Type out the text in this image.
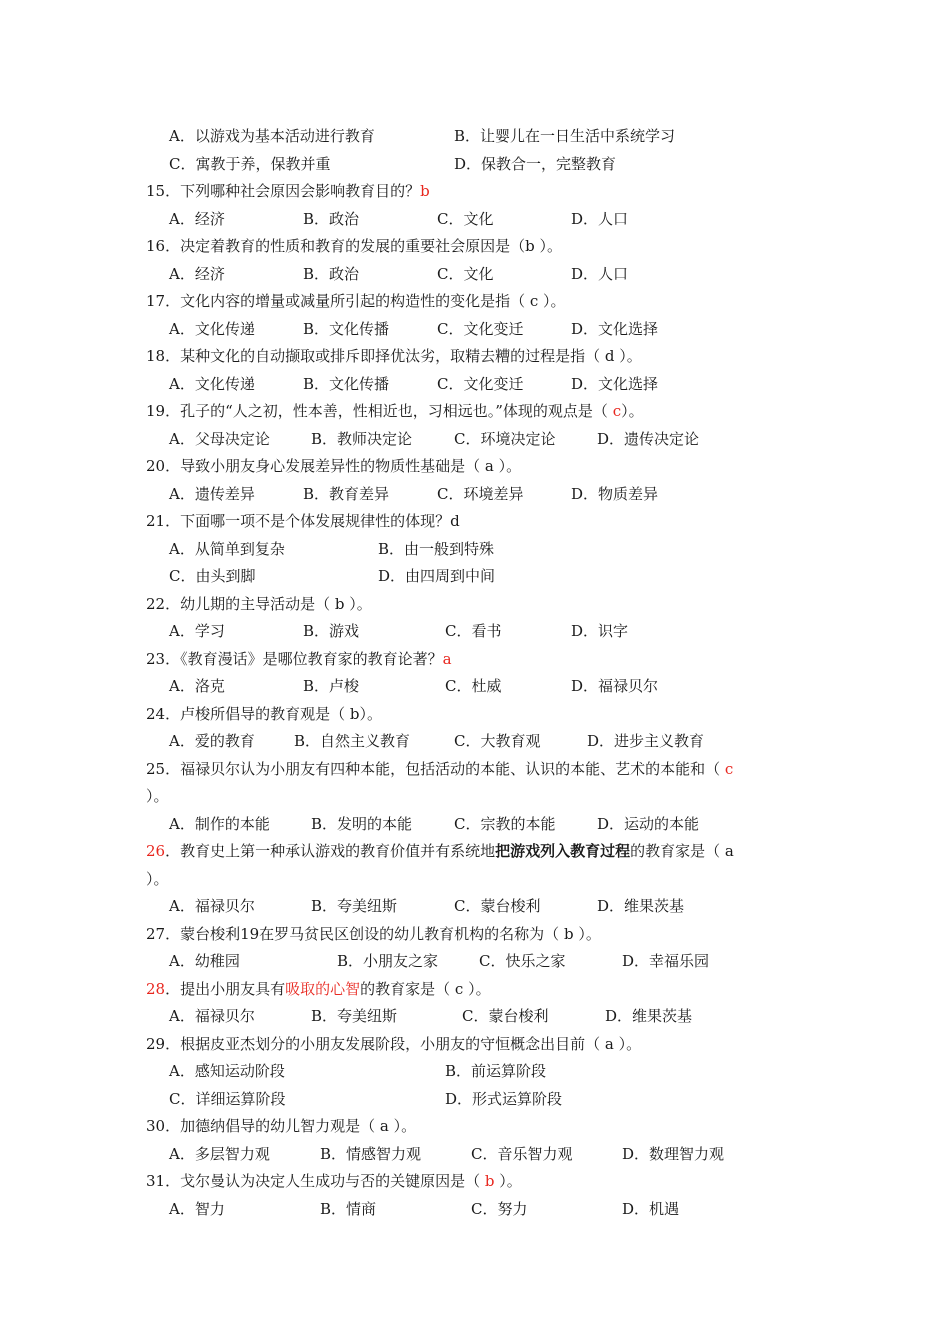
A．以游戏为基本活动进行教育	B．让婴儿在一日生活中系统学习
C．寓教于养，保教并重	D．保教合一，完整教育
15．下列哪种社会原因会影响教育目的？b
A．经济	B．政治	C．文化	D．人口
16．决定着教育的性质和教育的发展的重要社会原因是（b ）。
A．经济	B．政治	C．文化	D．人口
17．文化内容的增量或减量所引起的构造性的变化是指（ c ）。
A．文化传递	B．文化传播	C．文化变迁	D．文化选择
18．某种文化的自动撷取或排斥即择优汰劣，取精去糟的过程是指（ d ）。
A．文化传递	B．文化传播	C．文化变迁	D．文化选择
19．孔子的“人之初，性本善，性相近也，习相远也。”体现的观点是（ c）。
A．父母决定论	B．教师决定论	C．环境决定论	D．遗传决定论
20．导致小朋友身心发展差异性的物质性基础是（ a ）。
A．遗传差异	B．教育差异	C．环境差异	D．物质差异
21．下面哪一项不是个体发展规律性的体现？d
A．从简单到复杂	B．由一般到特殊
C．由头到脚	D．由四周到中间
22．幼儿期的主导活动是（ b ）。
A．学习	B．游戏	C．看书	D．识字
23．《教育漫话》是哪位教育家的教育论著？a
A．洛克	B．卢梭	C．杜威	D．福禄贝尔
24．卢梭所倡导的教育观是（ b）。
A．爱的教育	B．自然主义教育	C．大教育观	D．进步主义教育
25．福禄贝尔认为小朋友有四种本能，包括活动的本能、认识的本能、艺术的本能和（ c
）。
A．制作的本能	B．发明的本能	C．宗教的本能	D．运动的本能
26．教育史上第一种承认游戏的教育价值并有系统地把游戏列入教育过程的教育家是（ a
）。
A．福禄贝尔	B．夸美纽斯	C．蒙台梭利	D．维果茨基
27．蒙台梭利19在罗马贫民区创设的幼儿教育机构的名称为（ b ）。
A．幼稚园	B．小朋友之家	C．快乐之家	D．幸福乐园
28．提出小朋友具有吸取的心智的教育家是（ c ）。
A．福禄贝尔	B．夸美纽斯	C．蒙台梭利	D．维果茨基
29．根据皮亚杰划分的小朋友发展阶段，小朋友的守恒概念出目前（ a ）。
A．感知运动阶段	B．前运算阶段
C．详细运算阶段	D．形式运算阶段
30．加德纳倡导的幼儿智力观是（ a ）。
A．多层智力观	B．情感智力观	C．音乐智力观	D．数理智力观
31．戈尔曼认为决定人生成功与否的关键原因是（ b ）。
A．智力	B．情商	C．努力	D．机遇
